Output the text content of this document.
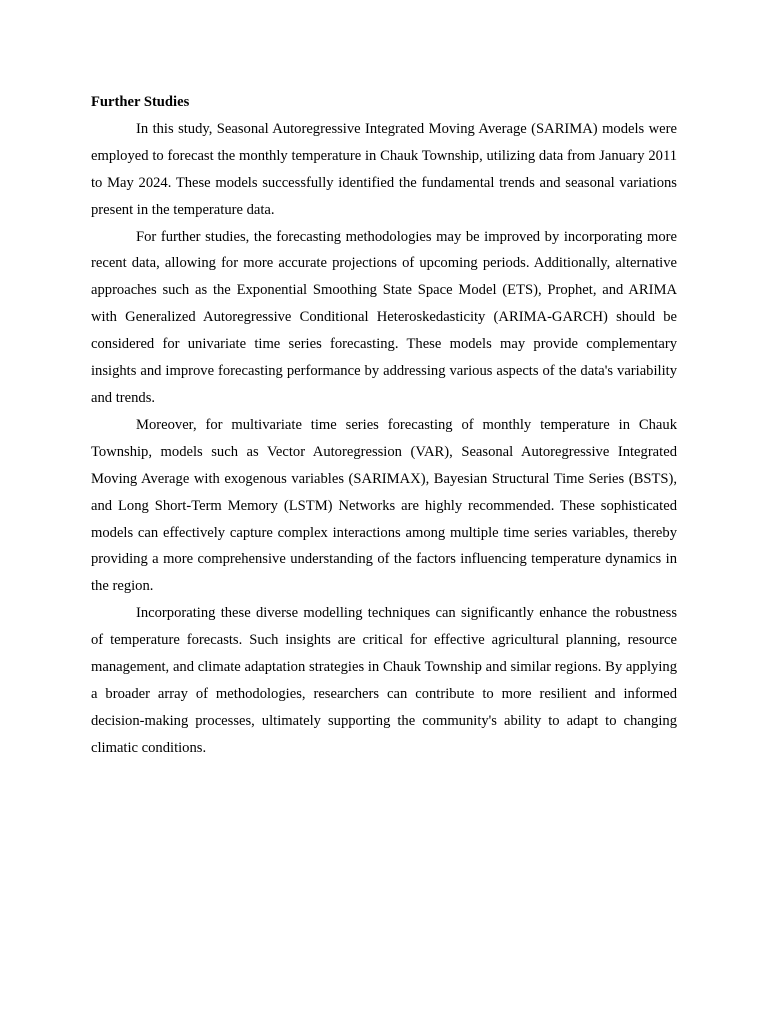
Further Studies

In this study, Seasonal Autoregressive Integrated Moving Average (SARIMA) models were employed to forecast the monthly temperature in Chauk Township, utilizing data from January 2011 to May 2024. These models successfully identified the fundamental trends and seasonal variations present in the temperature data.

For further studies, the forecasting methodologies may be improved by incorporating more recent data, allowing for more accurate projections of upcoming periods. Additionally, alternative approaches such as the Exponential Smoothing State Space Model (ETS), Prophet, and ARIMA with Generalized Autoregressive Conditional Heteroskedasticity (ARIMA-GARCH) should be considered for univariate time series forecasting. These models may provide complementary insights and improve forecasting performance by addressing various aspects of the data's variability and trends.

Moreover, for multivariate time series forecasting of monthly temperature in Chauk Township, models such as Vector Autoregression (VAR), Seasonal Autoregressive Integrated Moving Average with exogenous variables (SARIMAX), Bayesian Structural Time Series (BSTS), and Long Short-Term Memory (LSTM) Networks are highly recommended. These sophisticated models can effectively capture complex interactions among multiple time series variables, thereby providing a more comprehensive understanding of the factors influencing temperature dynamics in the region.

Incorporating these diverse modelling techniques can significantly enhance the robustness of temperature forecasts. Such insights are critical for effective agricultural planning, resource management, and climate adaptation strategies in Chauk Township and similar regions. By applying a broader array of methodologies, researchers can contribute to more resilient and informed decision-making processes, ultimately supporting the community's ability to adapt to changing climatic conditions.
